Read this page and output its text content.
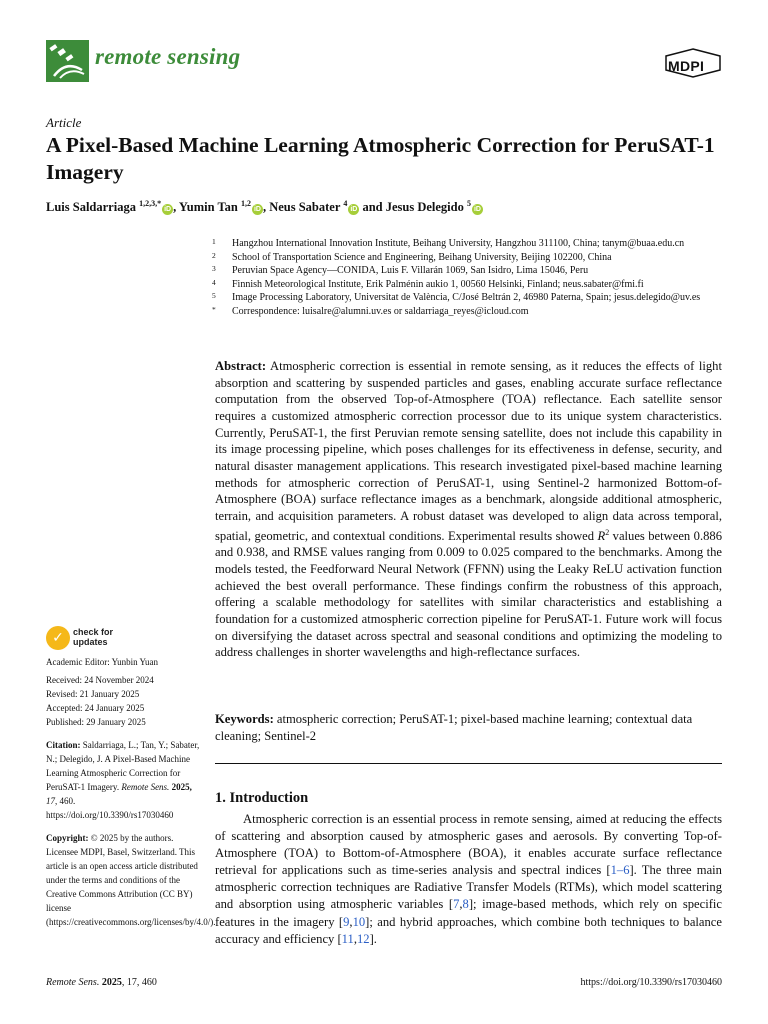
remote sensing	MDPI
Article
A Pixel-Based Machine Learning Atmospheric Correction for PeruSAT-1 Imagery
Luis Saldarriaga $^{1,2,3,*}$iD , Yumin Tan $^{1,2}$iD , Neus Sabater $^4$iD and Jesus Delegido $^5$iD
1	Hangzhou International Innovation Institute, Beihang University, Hangzhou 311100, China; tanym@buaa.edu.cn
2	School of Transportation Science and Engineering, Beihang University, Beijing 102200, China
3	Peruvian Space Agency—CONIDA, Luis F. Villarán 1069, San Isidro, Lima 15046, Peru
4	Finnish Meteorological Institute, Erik Palménin aukio 1, 00560 Helsinki, Finland; neus.sabater@fmi.fi
5	Image Processing Laboratory, Universitat de València, C/José Beltrán 2, 46980 Paterna, Spain; jesus.delegido@uv.es
*	Correspondence: luisalre@alumni.uv.es or saldarriaga_reyes@icloud.com
Abstract: Atmospheric correction is essential in remote sensing, as it reduces the effects of light absorption and scattering by suspended particles and gases, enabling accurate surface reflectance computation from the observed Top-of-Atmosphere (TOA) reflectance. Each satellite sensor requires a customized atmospheric correction processor due to its unique system characteristics. Currently, PeruSAT-1, the first Peruvian remote sensing satellite, does not include this capability in its image processing pipeline, which poses challenges for its effectiveness in defense, security, and natural disaster management applications. This research investigated pixel-based machine learning methods for atmospheric correction of PeruSAT-1, using Sentinel-2 harmonized Bottom-of-Atmosphere (BOA) surface reflectance images as a benchmark, alongside additional atmospheric, terrain, and acquisition parameters. A robust dataset was developed to align data across temporal, spatial, geometric, and contextual conditions. Experimental results showed $R^2$ values between 0.886 and 0.938, and RMSE values ranging from 0.009 to 0.025 compared to the benchmarks. Among the models tested, the Feedforward Neural Network (FFNN) using the Leaky ReLU activation function achieved the best overall performance. These findings confirm the robustness of this approach, offering a scalable methodology for satellites with similar characteristics and establishing a foundation for a customized atmospheric correction pipeline for PeruSAT-1. Future work will focus on diversifying the dataset across spectral and seasonal conditions and optimizing the modeling to address challenges in shorter wavelengths and high-reflectance surfaces.
Keywords: atmospheric correction; PeruSAT-1; pixel-based machine learning; contextual data cleaning; Sentinel-2
1. Introduction

Atmospheric correction is an essential process in remote sensing, aimed at reducing the effects of scattering and absorption caused by atmospheric gases and aerosols. By converting Top-of-Atmosphere (TOA) to Bottom-of-Atmosphere (BOA), it enables accurate surface reflectance retrieval for applications such as time-series analysis and spectral indices [1–6]. The three main atmospheric correction techniques are Radiative Transfer Models (RTMs), which model scattering and absorption using atmospheric variables [7,8]; image-based methods, which rely on specific features in the imagery [9,10]; and hybrid approaches, which combine both techniques to balance accuracy and efficiency [11,12].

✓	check for
updates
Academic Editor: Yunbin Yuan
Received: 24 November 2024
Revised: 21 January 2025
Accepted: 24 January 2025
Published: 29 January 2025
Citation: Saldarriaga, L.; Tan, Y.; Sabater, N.; Delegido, J. A Pixel-Based Machine Learning Atmospheric Correction for PeruSAT-1 Imagery. Remote Sens. 2025, 17, 460. https://doi.org/10.3390/rs17030460
Copyright: © 2025 by the authors. Licensee MDPI, Basel, Switzerland. This article is an open access article distributed under the terms and conditions of the Creative Commons Attribution (CC BY) license (https://creativecommons.org/licenses/by/4.0/).
Remote Sens. 2025, 17, 460	https://doi.org/10.3390/rs17030460
